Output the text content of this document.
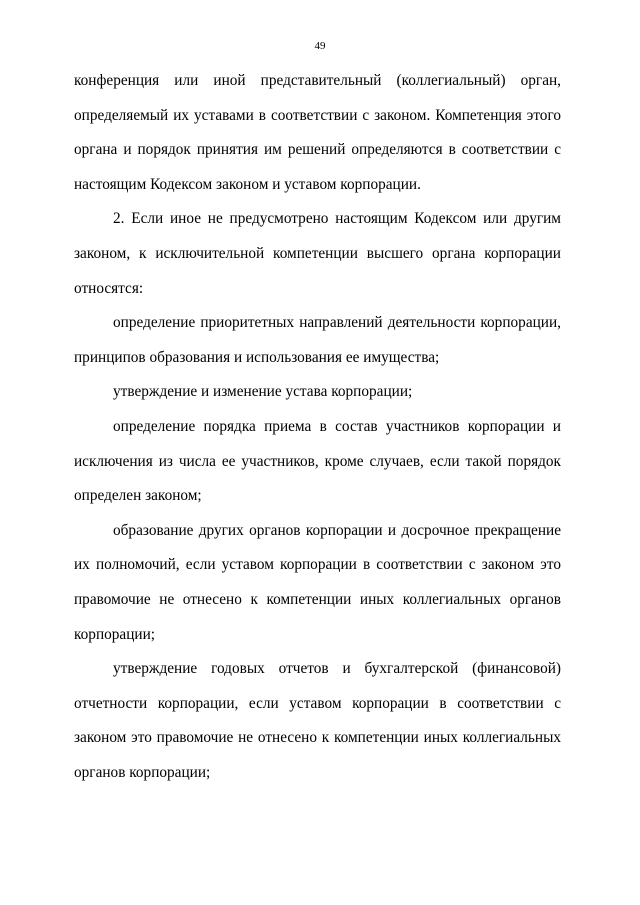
49

конференция или иной представительный (коллегиальный) орган, определяемый их уставами в соответствии с законом. Компетенция этого органа и порядок принятия им решений определяются в соответствии с настоящим Кодексом законом и уставом корпорации.

2. Если иное не предусмотрено настоящим Кодексом или другим законом, к исключительной компетенции высшего органа корпорации относятся:

определение приоритетных направлений деятельности корпорации, принципов образования и использования ее имущества;

утверждение и изменение устава корпорации;

определение порядка приема в состав участников корпорации и исключения из числа ее участников, кроме случаев, если такой порядок определен законом;

образование других органов корпорации и досрочное прекращение их полномочий, если уставом корпорации в соответствии с законом это правомочие не отнесено к компетенции иных коллегиальных органов корпорации;

утверждение годовых отчетов и бухгалтерской (финансовой) отчетности корпорации, если уставом корпорации в соответствии с законом это правомочие не отнесено к компетенции иных коллегиальных органов корпорации;
